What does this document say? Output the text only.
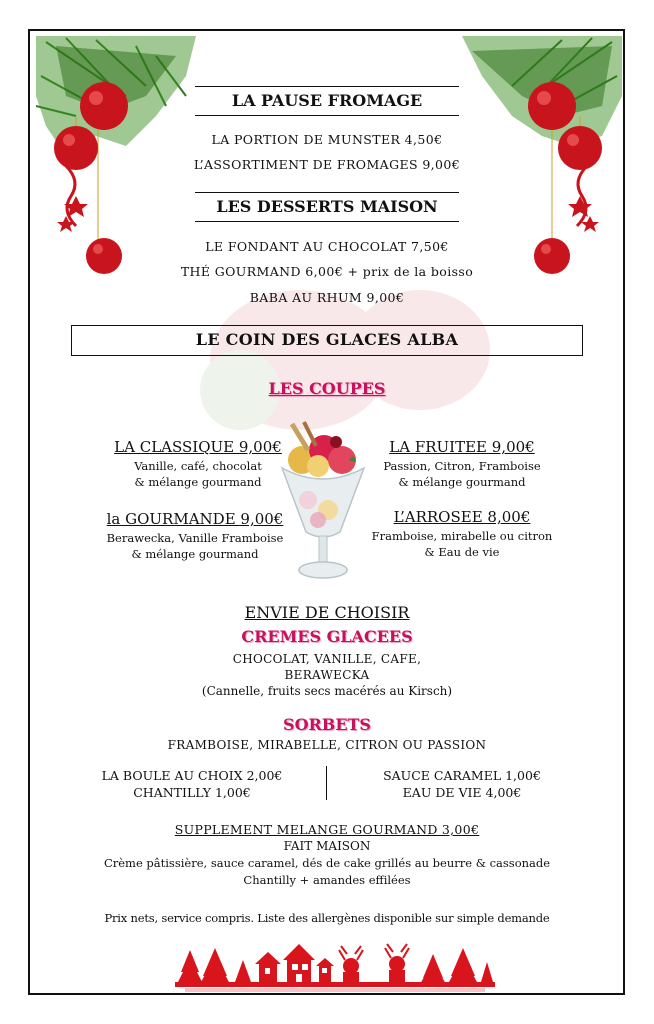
LA PAUSE FROMAGE
LA PORTION DE MUNSTER 4,50€
L’ASSORTIMENT DE FROMAGES 9,00€
LES DESSERTS MAISON
LE FONDANT AU CHOCOLAT 7,50€
THÉ GOURMAND 6,00€ + prix de la boisso
BABA AU RHUM 9,00€
LE COIN DES GLACES ALBA
LES COUPES
LA CLASSIQUE 9,00€
Vanille, café, chocolat
& mélange gourmand
la GOURMANDE 9,00€
Berawecka, Vanille Framboise
& mélange gourmand
LA FRUITEE 9,00€
Passion, Citron, Framboise
& mélange gourmand
L’ARROSEE 8,00€
Framboise, mirabelle ou citron
& Eau de vie
ENVIE DE CHOISIR
CREMES GLACEES
CHOCOLAT, VANILLE, CAFE,
BERAWECKA
(Cannelle, fruits secs macérés au Kirsch)
SORBETS
FRAMBOISE, MIRABELLE, CITRON OU PASSION
LA BOULE AU CHOIX 2,00€
CHANTILLY 1,00€
SAUCE CARAMEL 1,00€
EAU DE VIE 4,00€
SUPPLEMENT MELANGE GOURMAND 3,00€
FAIT MAISON
Crème pâtissière, sauce caramel, dés de cake grillés au beurre & cassonade
Chantilly + amandes effilées
Prix nets, service compris. Liste des allergènes disponible sur simple demande
